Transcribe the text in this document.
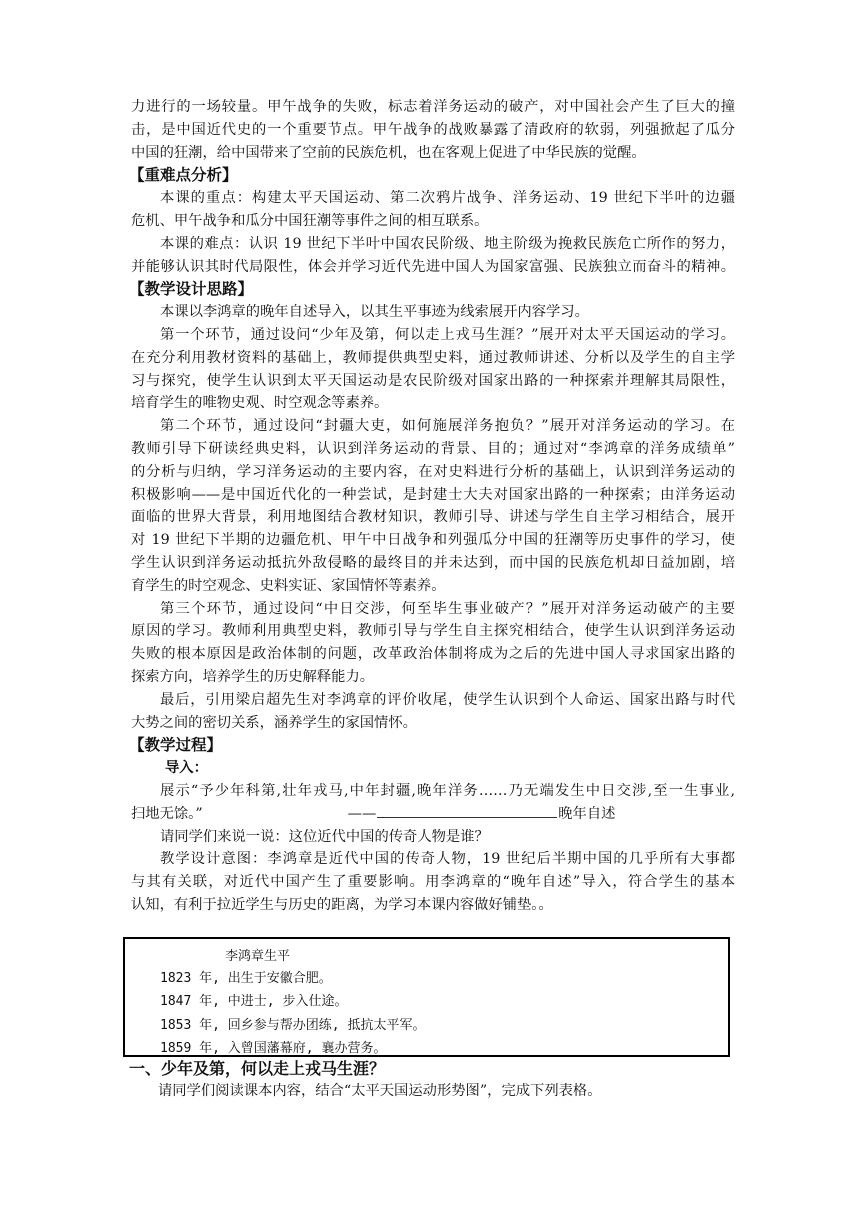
力进行的一场较量。甲午战争的失败，标志着洋务运动的破产，对中国社会产生了巨大的撞
击，是中国近代史的一个重要节点。甲午战争的战败暴露了清政府的软弱，列强掀起了瓜分
中国的狂潮，给中国带来了空前的民族危机，也在客观上促进了中华民族的觉醒。
【重难点分析】
本课的重点：构建太平天国运动、第二次鸦片战争、洋务运动、19 世纪下半叶的边疆
危机、甲午战争和瓜分中国狂潮等事件之间的相互联系。
本课的难点：认识 19 世纪下半叶中国农民阶级、地主阶级为挽救民族危亡所作的努力，
并能够认识其时代局限性，体会并学习近代先进中国人为国家富强、民族独立而奋斗的精神。
【教学设计思路】
本课以李鸿章的晚年自述导入，以其生平事迹为线索展开内容学习。
第一个环节，通过设问“少年及第，何以走上戎马生涯？”展开对太平天国运动的学习。
在充分利用教材资料的基础上，教师提供典型史料，通过教师讲述、分析以及学生的自主学
习与探究，使学生认识到太平天国运动是农民阶级对国家出路的一种探索并理解其局限性，
培育学生的唯物史观、时空观念等素养。
第二个环节，通过设问“封疆大吏，如何施展洋务抱负？”展开对洋务运动的学习。在
教师引导下研读经典史料，认识到洋务运动的背景、目的；通过对“李鸿章的洋务成绩单”
的分析与归纳，学习洋务运动的主要内容，在对史料进行分析的基础上，认识到洋务运动的
积极影响——是中国近代化的一种尝试，是封建士大夫对国家出路的一种探索；由洋务运动
面临的世界大背景，利用地图结合教材知识，教师引导、讲述与学生自主学习相结合，展开
对 19 世纪下半期的边疆危机、甲午中日战争和列强瓜分中国的狂潮等历史事件的学习，使
学生认识到洋务运动抵抗外敌侵略的最终目的并未达到，而中国的民族危机却日益加剧，培
育学生的时空观念、史料实证、家国情怀等素养。
第三个环节，通过设问“中日交涉，何至毕生事业破产？”展开对洋务运动破产的主要
原因的学习。教师利用典型史料，教师引导与学生自主探究相结合，使学生认识到洋务运动
失败的根本原因是政治体制的问题，改革政治体制将成为之后的先进中国人寻求国家出路的
探索方向，培养学生的历史解释能力。
最后，引用梁启超先生对李鸿章的评价收尾，使学生认识到个人命运、国家出路与时代
大势之间的密切关系，涵养学生的家国情怀。
【教学过程】
导入：
展示“予少年科第,壮年戎马,中年封疆,晚年洋务……乃无端发生中日交涉,至一生事业,
扫地无馀。”	——	晚年自述
请同学们来说一说：这位近代中国的传奇人物是谁？
教学设计意图：李鸿章是近代中国的传奇人物，19 世纪后半期中国的几乎所有大事都
与其有关联，对近代中国产生了重要影响。用李鸿章的“晚年自述”导入，符合学生的基本
认知，有利于拉近学生与历史的距离，为学习本课内容做好铺垫。。
李鸿章生平
1823 年, 出生于安徽合肥。
1847 年, 中进士, 步入仕途。
1853 年, 回乡参与帮办团练, 抵抗太平军。
1859 年, 入曾国藩幕府, 襄办营务。
一、少年及第，何以走上戎马生涯？
请同学们阅读课本内容，结合“太平天国运动形势图”，完成下列表格。
